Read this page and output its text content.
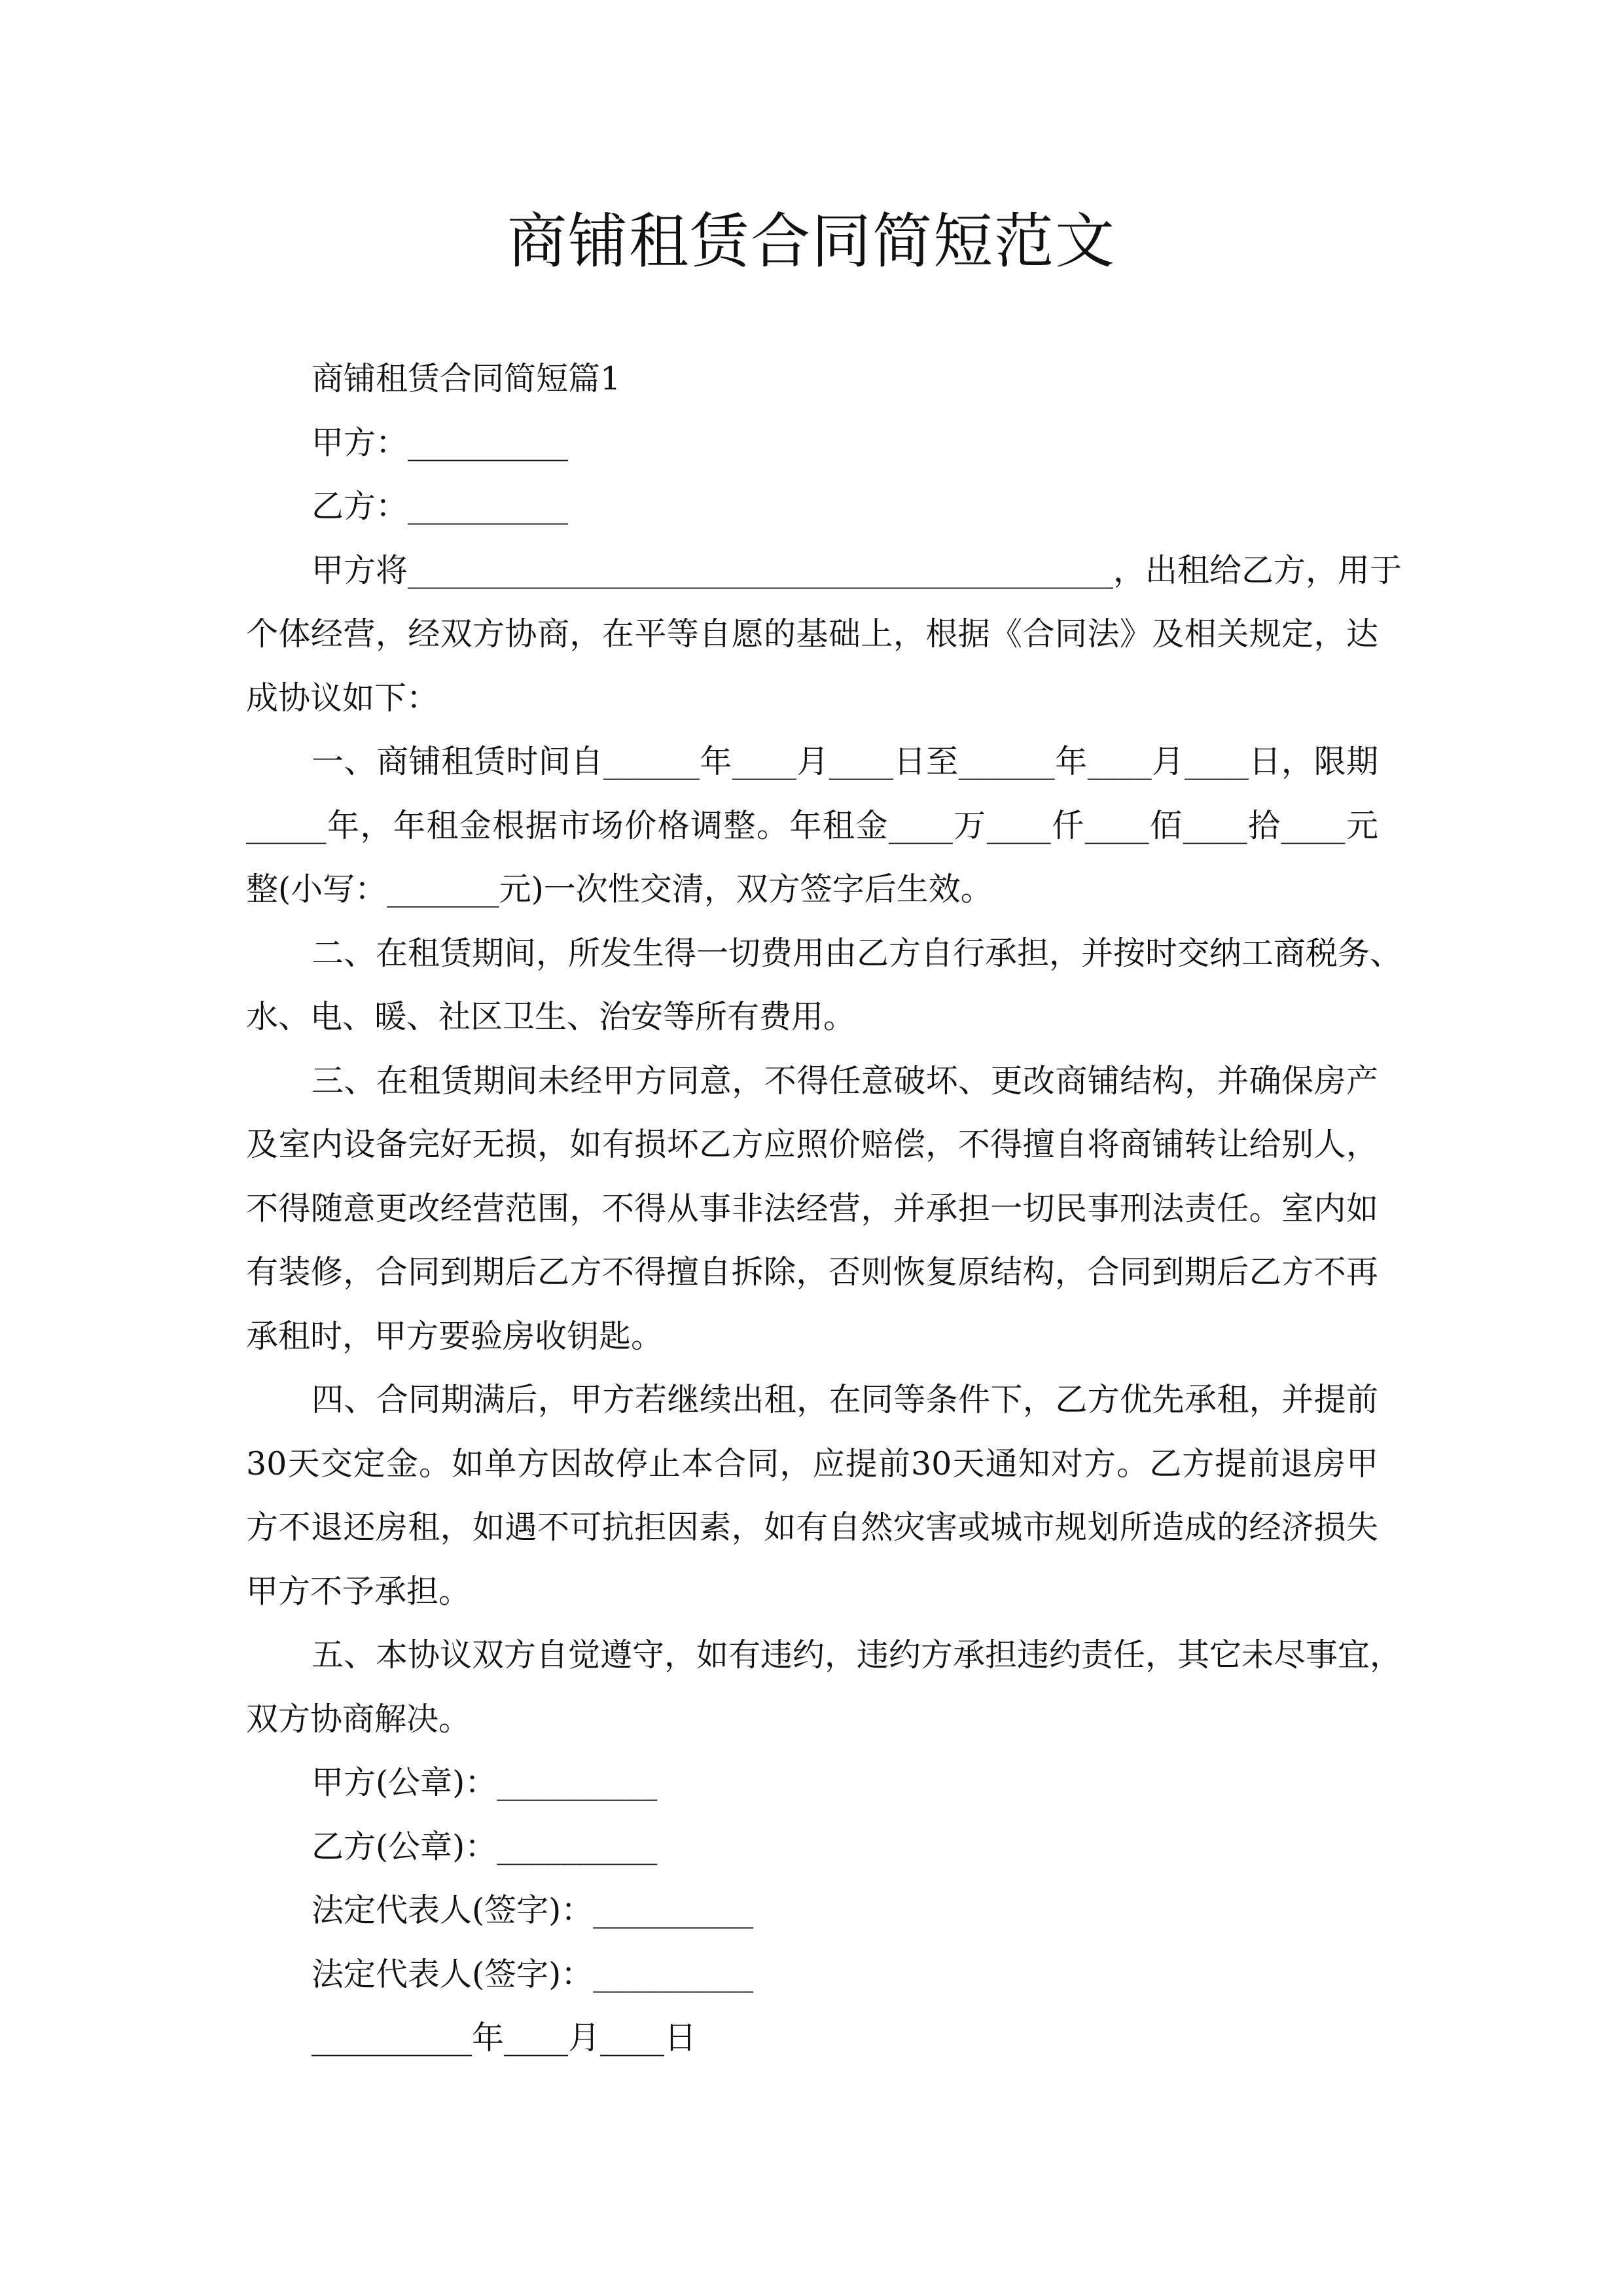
商铺租赁合同简短范文
商铺租赁合同简短篇1
甲方：__________
乙方：__________
甲方将____________________________________________，出租给乙方，用于
个体经营，经双方协商，在平等自愿的基础上，根据《合同法》及相关规定，达
成协议如下：
一、商铺租赁时间自______年____月____日至______年____月____日，限期
_____年，年租金根据市场价格调整。年租金____万____仟____佰____拾____元
整(小写：_______元)一次性交清，双方签字后生效。
二、在租赁期间，所发生得一切费用由乙方自行承担，并按时交纳工商税务、
水、电、暖、社区卫生、治安等所有费用。
三、在租赁期间未经甲方同意，不得任意破坏、更改商铺结构，并确保房产
及室内设备完好无损，如有损坏乙方应照价赔偿，不得擅自将商铺转让给别人，
不得随意更改经营范围，不得从事非法经营，并承担一切民事刑法责任。室内如
有装修，合同到期后乙方不得擅自拆除，否则恢复原结构，合同到期后乙方不再
承租时，甲方要验房收钥匙。
四、合同期满后，甲方若继续出租，在同等条件下，乙方优先承租，并提前
30天交定金。如单方因故停止本合同，应提前30天通知对方。乙方提前退房甲
方不退还房租，如遇不可抗拒因素，如有自然灾害或城市规划所造成的经济损失
甲方不予承担。
五、本协议双方自觉遵守，如有违约，违约方承担违约责任，其它未尽事宜，
双方协商解决。
甲方(公章)：__________
乙方(公章)：__________
法定代表人(签字)：__________
法定代表人(签字)：__________
__________年____月____日
